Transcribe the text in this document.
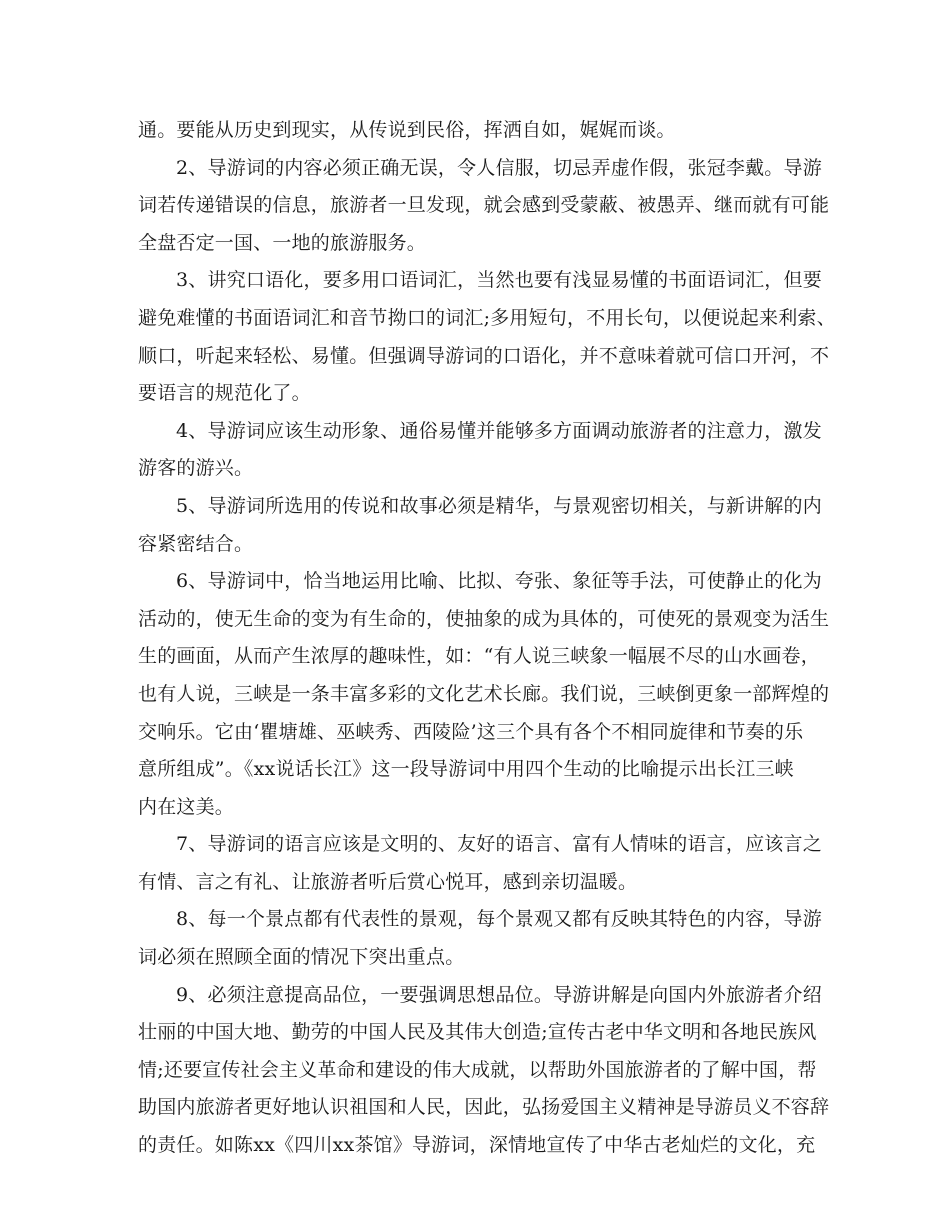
通。要能从历史到现实，从传说到民俗，挥洒自如，娓娓而谈。
2、导游词的内容必须正确无误，令人信服，切忌弄虚作假，张冠李戴。导游
词若传递错误的信息，旅游者一旦发现，就会感到受蒙蔽、被愚弄、继而就有可能
全盘否定一国、一地的旅游服务。
3、讲究口语化，要多用口语词汇，当然也要有浅显易懂的书面语词汇，但要
避免难懂的书面语词汇和音节拗口的词汇;多用短句，不用长句，以便说起来利索、
顺口，听起来轻松、易懂。但强调导游词的口语化，并不意味着就可信口开河，不
要语言的规范化了。
4、导游词应该生动形象、通俗易懂并能够多方面调动旅游者的注意力，激发
游客的游兴。
5、导游词所选用的传说和故事必须是精华，与景观密切相关，与新讲解的内
容紧密结合。
6、导游词中，恰当地运用比喻、比拟、夸张、象征等手法，可使静止的化为
活动的，使无生命的变为有生命的，使抽象的成为具体的，可使死的景观变为活生
生的画面，从而产生浓厚的趣味性，如：“有人说三峡象一幅展不尽的山水画卷，
也有人说，三峡是一条丰富多彩的文化艺术长廊。我们说，三峡倒更象一部辉煌的
交响乐。它由‘瞿塘雄、巫峡秀、西陵险’这三个具有各个不相同旋律和节奏的乐
意所组成”。《xx说话长江》这一段导游词中用四个生动的比喻提示出长江三峡
内在这美。
7、导游词的语言应该是文明的、友好的语言、富有人情味的语言，应该言之
有情、言之有礼、让旅游者听后赏心悦耳，感到亲切温暖。
8、每一个景点都有代表性的景观，每个景观又都有反映其特色的内容，导游
词必须在照顾全面的情况下突出重点。
9、必须注意提高品位，一要强调思想品位。导游讲解是向国内外旅游者介绍
壮丽的中国大地、勤劳的中国人民及其伟大创造;宣传古老中华文明和各地民族风
情;还要宣传社会主义革命和建设的伟大成就，以帮助外国旅游者的了解中国，帮
助国内旅游者更好地认识祖国和人民，因此，弘扬爱国主义精神是导游员义不容辞
的责任。如陈xx《四川xx茶馆》导游词，深情地宣传了中华古老灿烂的文化，充
